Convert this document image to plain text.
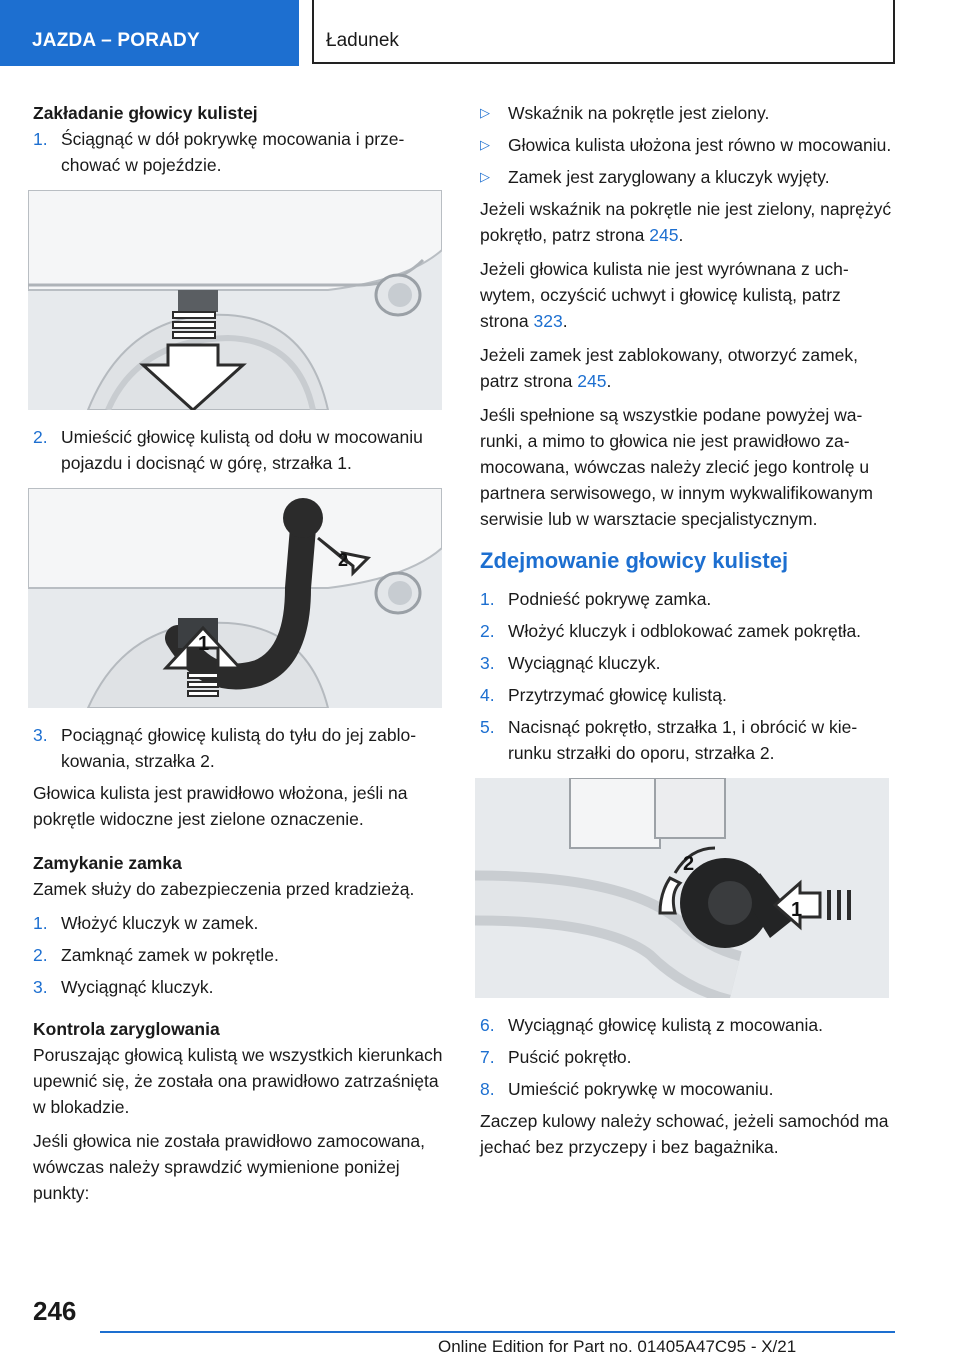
JAZDA – PORADY	Ładunek

Zakładanie głowicy kulistej

1. Ściągnąć w dół pokrywkę mocowania i przechować w pojeździe.
2. Umieścić głowicę kulistą od dołu w mocowaniu pojazdu i docisnąć w górę, strzałka 1.
1
2
3. Pociągnąć głowicę kulistą do tyłu do jej zablokowania, strzałka 2.

Głowica kulista jest prawidłowo włożona, jeśli na pokrętle widoczne jest zielone oznaczenie.

Zamykanie zamka

Zamek służy do zabezpieczenia przed kradzieżą.

1. Włożyć kluczyk w zamek.
2. Zamknąć zamek w pokrętle.
3. Wyciągnąć kluczyk.

Kontrola zaryglowania

Poruszając głowicą kulistą we wszystkich kierunkach upewnić się, że została ona prawidłowo zatrzaśnięta w blokadzie.

Jeśli głowica nie została prawidłowo zamocowana, wówczas należy sprawdzić wymienione poniżej punkty:

▷	Wskaźnik na pokrętle jest zielony.
▷	Głowica kulista ułożona jest równo w mocowaniu.
▷	Zamek jest zaryglowany a kluczyk wyjęty.

Jeżeli wskaźnik na pokrętle nie jest zielony, naprężyć pokrętło, patrz strona 245.

Jeżeli głowica kulista nie jest wyrównana z uchwytem, oczyścić uchwyt i głowicę kulistą, patrz strona 323.

Jeżeli zamek jest zablokowany, otworzyć zamek, patrz strona 245.

Jeśli spełnione są wszystkie podane powyżej warunki, a mimo to głowica nie jest prawidłowo zamocowana, wówczas należy zlecić jego kontrolę u partnera serwisowego, w innym wykwalifikowanym serwisie lub w warsztacie specjalistycznym.

Zdejmowanie głowicy kulistej
1. Podnieść pokrywę zamka.
2. Włożyć kluczyk i odblokować zamek pokrętła.
3. Wyciągnąć kluczyk.
4. Przytrzymać głowicę kulistą.
5. Nacisnąć pokrętło, strzałka 1, i obrócić w kierunku strzałki do oporu, strzałka 2.
2
1
6. Wyciągnąć głowicę kulistą z mocowania.
7. Puścić pokrętło.
8. Umieścić pokrywkę w mocowaniu.

Zaczep kulowy należy schować, jeżeli samochód ma jechać bez przyczepy i bez bagażnika.

246
Online Edition for Part no. 01405A47C95 - X/21
